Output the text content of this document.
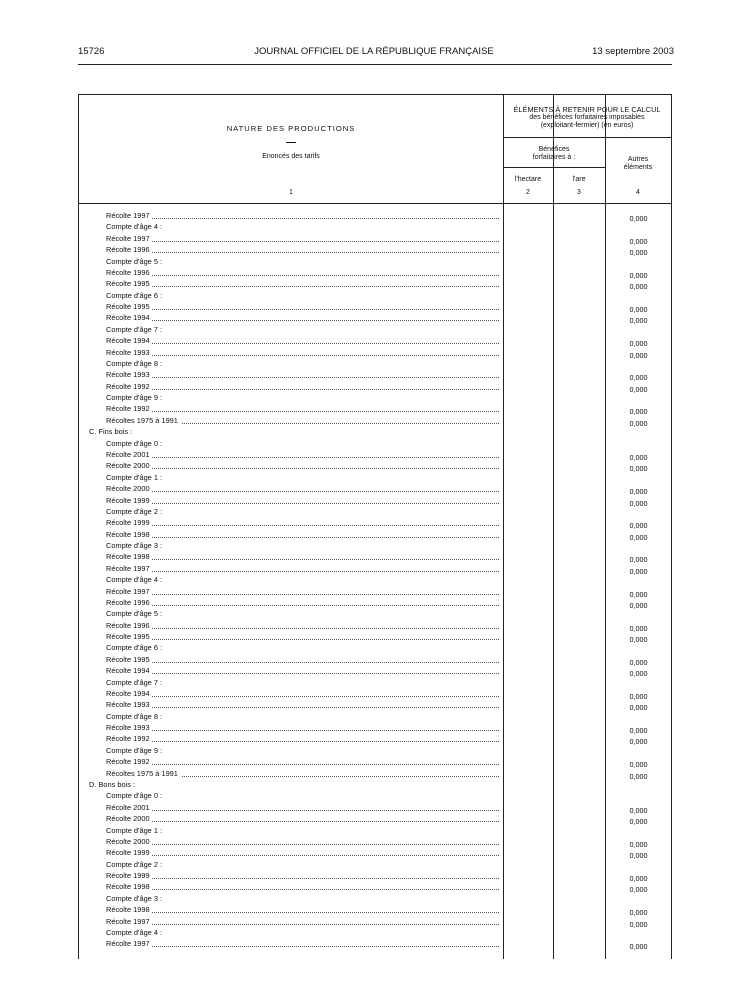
15726	JOURNAL OFFICIEL DE LA RÉPUBLIQUE FRANÇAISE	13 septembre 2003
NATURE DES PRODUCTIONS
—
Enoncés des tarifs
1
ÉLÉMENTS À RETENIR POUR LE CALCUL
des bénéfices forfaitaires imposables
(exploitant-fermier) (en euros)
Bénéfices
forfaitaires à :	Autres
éléments
l'hectare	l'are
2	3	4
Récolte 1997	0,000
Compte d'âge 4 :
Récolte 1997	0,000
Récolte 1996	0,000
Compte d'âge 5 :
Récolte 1996	0,000
Récolte 1995	0,000
Compte d'âge 6 :
Récolte 1995	0,000
Récolte 1994	0,000
Compte d'âge 7 :
Récolte 1994	0,000
Récolte 1993	0,000
Compte d'âge 8 :
Récolte 1993	0,000
Récolte 1992	0,000
Compte d'âge 9 :
Récolte 1992	0,000
Récoltes 1975 à 1991	0,000
C. Fins bois :
Compte d'âge 0 :
Récolte 2001	0,000
Récolte 2000	0,000
Compte d'âge 1 :
Récolte 2000	0,000
Récolte 1999	0,000
Compte d'âge 2 :
Récolte 1999	0,000
Récolte 1998	0,000
Compte d'âge 3 :
Récolte 1998	0,000
Récolte 1997	0,000
Compte d'âge 4 :
Récolte 1997	0,000
Récolte 1996	0,000
Compte d'âge 5 :
Récolte 1996	0,000
Récolte 1995	0,000
Compte d'âge 6 :
Récolte 1995	0,000
Récolte 1994	0,000
Compte d'âge 7 :
Récolte 1994	0,000
Récolte 1993	0,000
Compte d'âge 8 :
Récolte 1993	0,000
Récolte 1992	0,000
Compte d'âge 9 :
Récolte 1992	0,000
Récoltes 1975 à 1991	0,000
D. Bons bois :
Compte d'âge 0 :
Récolte 2001	0,000
Récolte 2000	0,000
Compte d'âge 1 :
Récolte 2000	0,000
Récolte 1999	0,000
Compte d'âge 2 :
Récolte 1999	0,000
Récolte 1998	0,000
Compte d'âge 3 :
Récolte 1998	0,000
Récolte 1997	0,000
Compte d'âge 4 :
Récolte 1997	0,000
